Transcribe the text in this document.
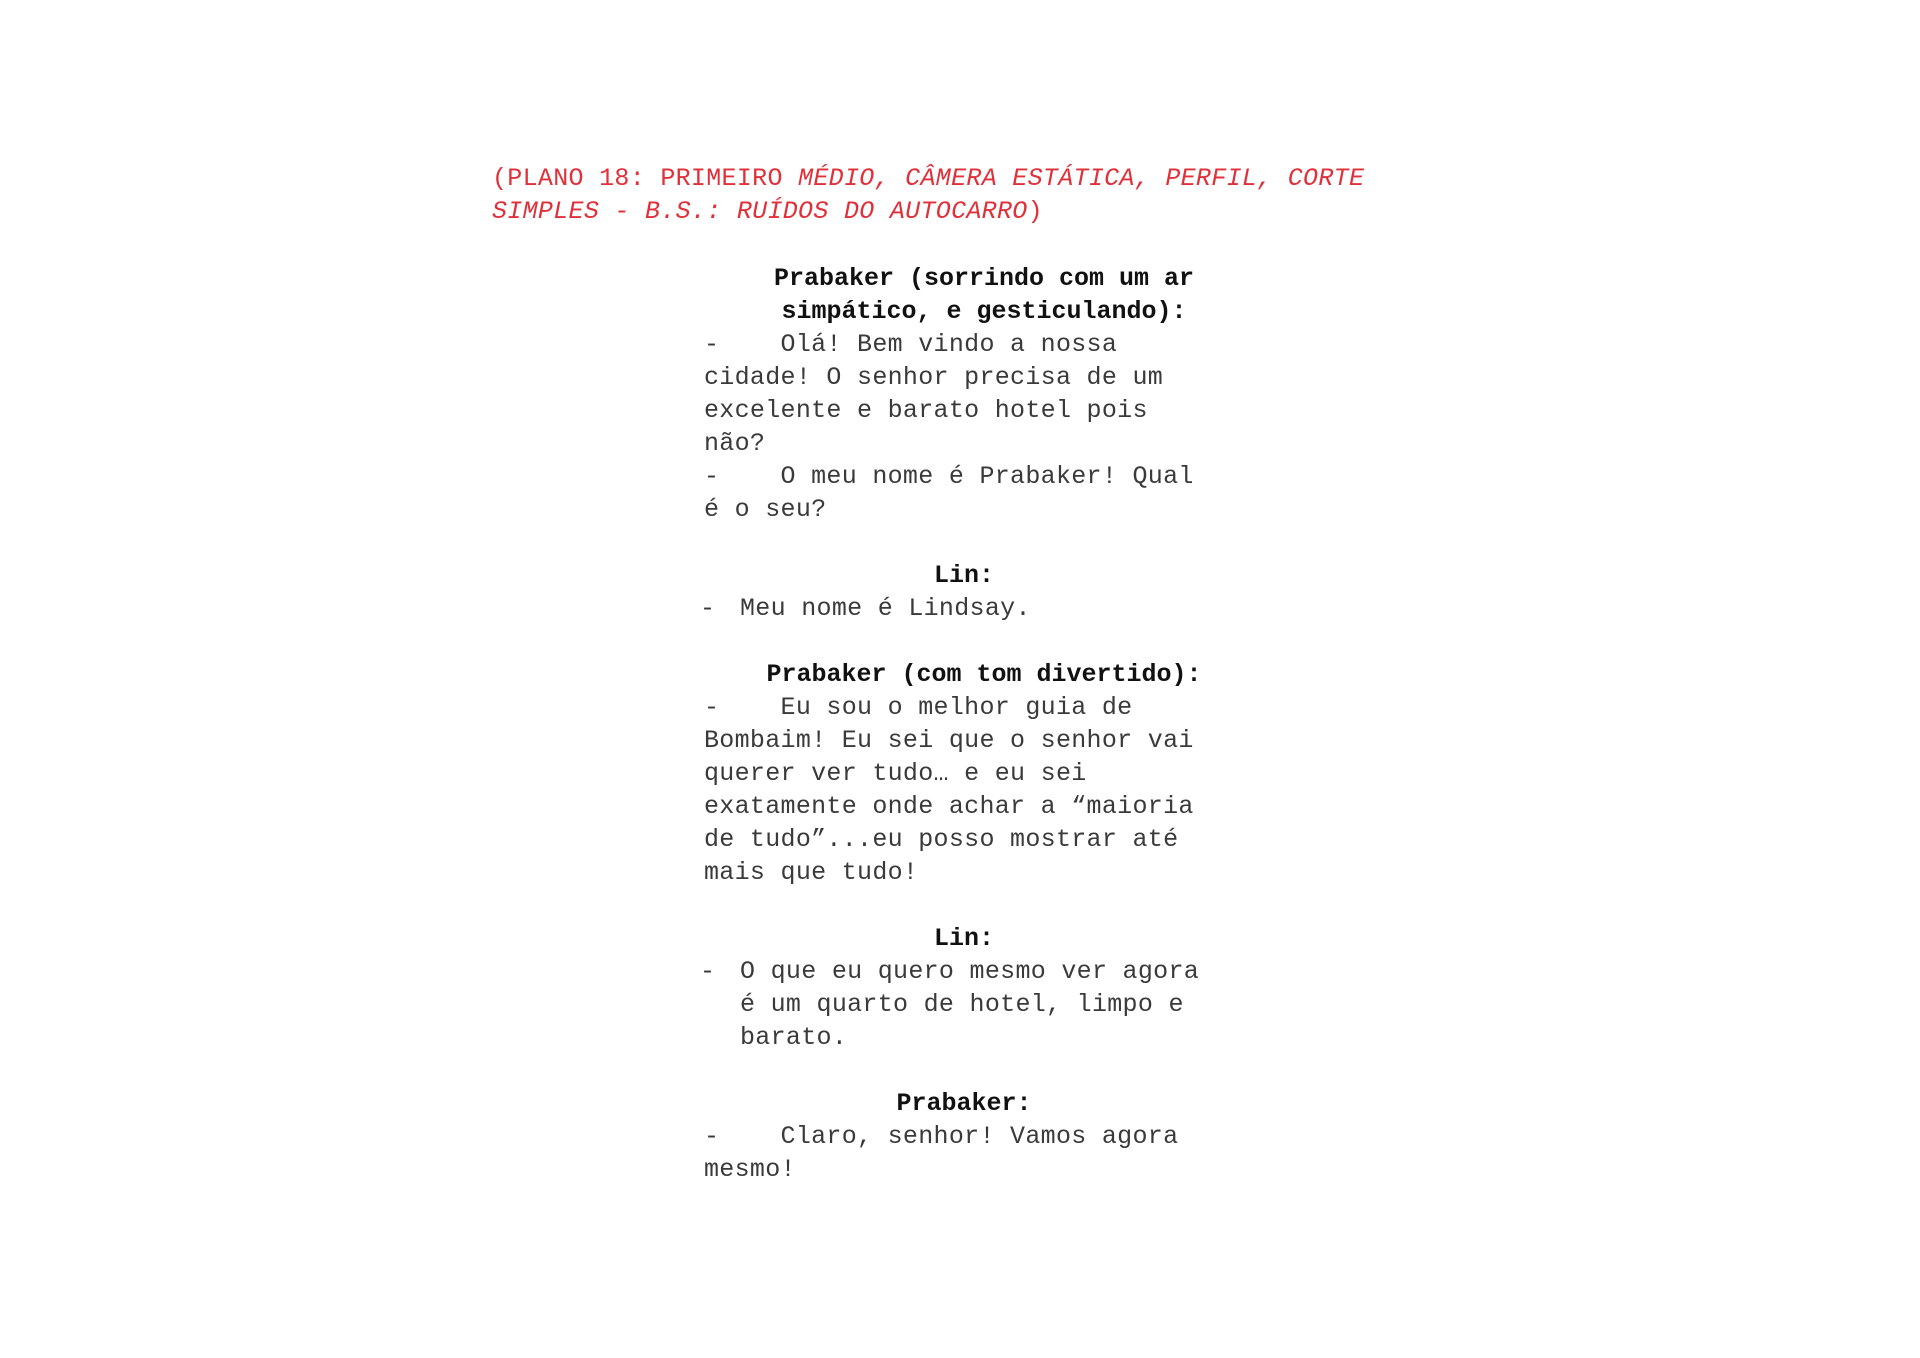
(PLANO 18: PRIMEIRO MÉDIO, CÂMERA ESTÁTICA, PERFIL, CORTE
SIMPLES - B.S.: RUÍDOS DO AUTOCARRO)
Prabaker (sorrindo com um ar
simpático, e gesticulando):
-    Olá! Bem vindo a nossa
cidade! O senhor precisa de um
excelente e barato hotel pois
não?
-    O meu nome é Prabaker! Qual
é o seu?
Lin:
- Meu nome é Lindsay.
Prabaker (com tom divertido):
-    Eu sou o melhor guia de
Bombaim! Eu sei que o senhor vai
querer ver tudo… e eu sei
exatamente onde achar a “maioria
de tudo”...eu posso mostrar até
mais que tudo!
Lin:
- O que eu quero mesmo ver agora
é um quarto de hotel, limpo e
barato.
Prabaker:
-    Claro, senhor! Vamos agora
mesmo!
